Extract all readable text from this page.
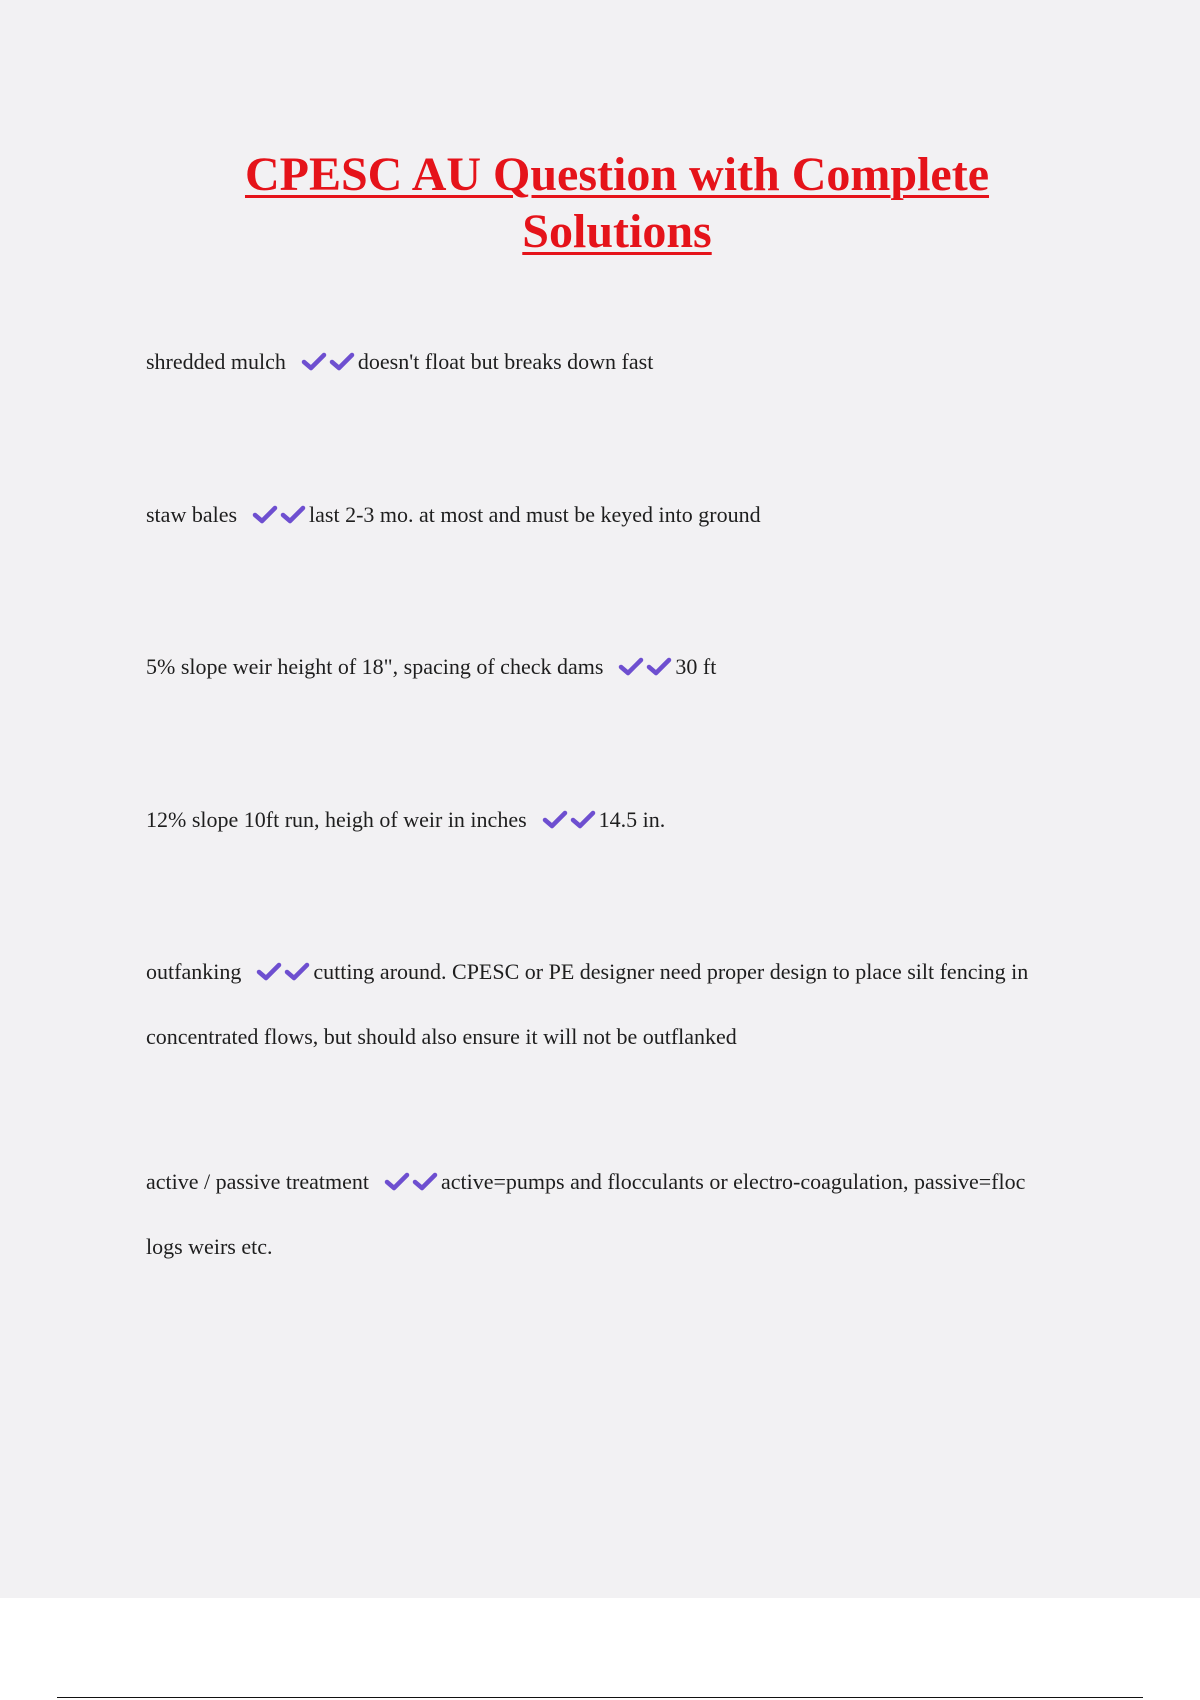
CPESC AU Question with Complete Solutions

shredded mulch	doesn't float but breaks down fast

staw bales	last 2-3 mo. at most and must be keyed into ground

5% slope weir height of 18", spacing of check dams	30 ft

12% slope 10ft run, heigh of weir in inches	14.5 in.

outfanking	cutting around. CPESC or PE designer need proper design to place silt fencing in concentrated flows, but should also ensure it will not be outflanked

active / passive treatment	active=pumps and flocculants or electro-coagulation, passive=floc logs weirs etc.
